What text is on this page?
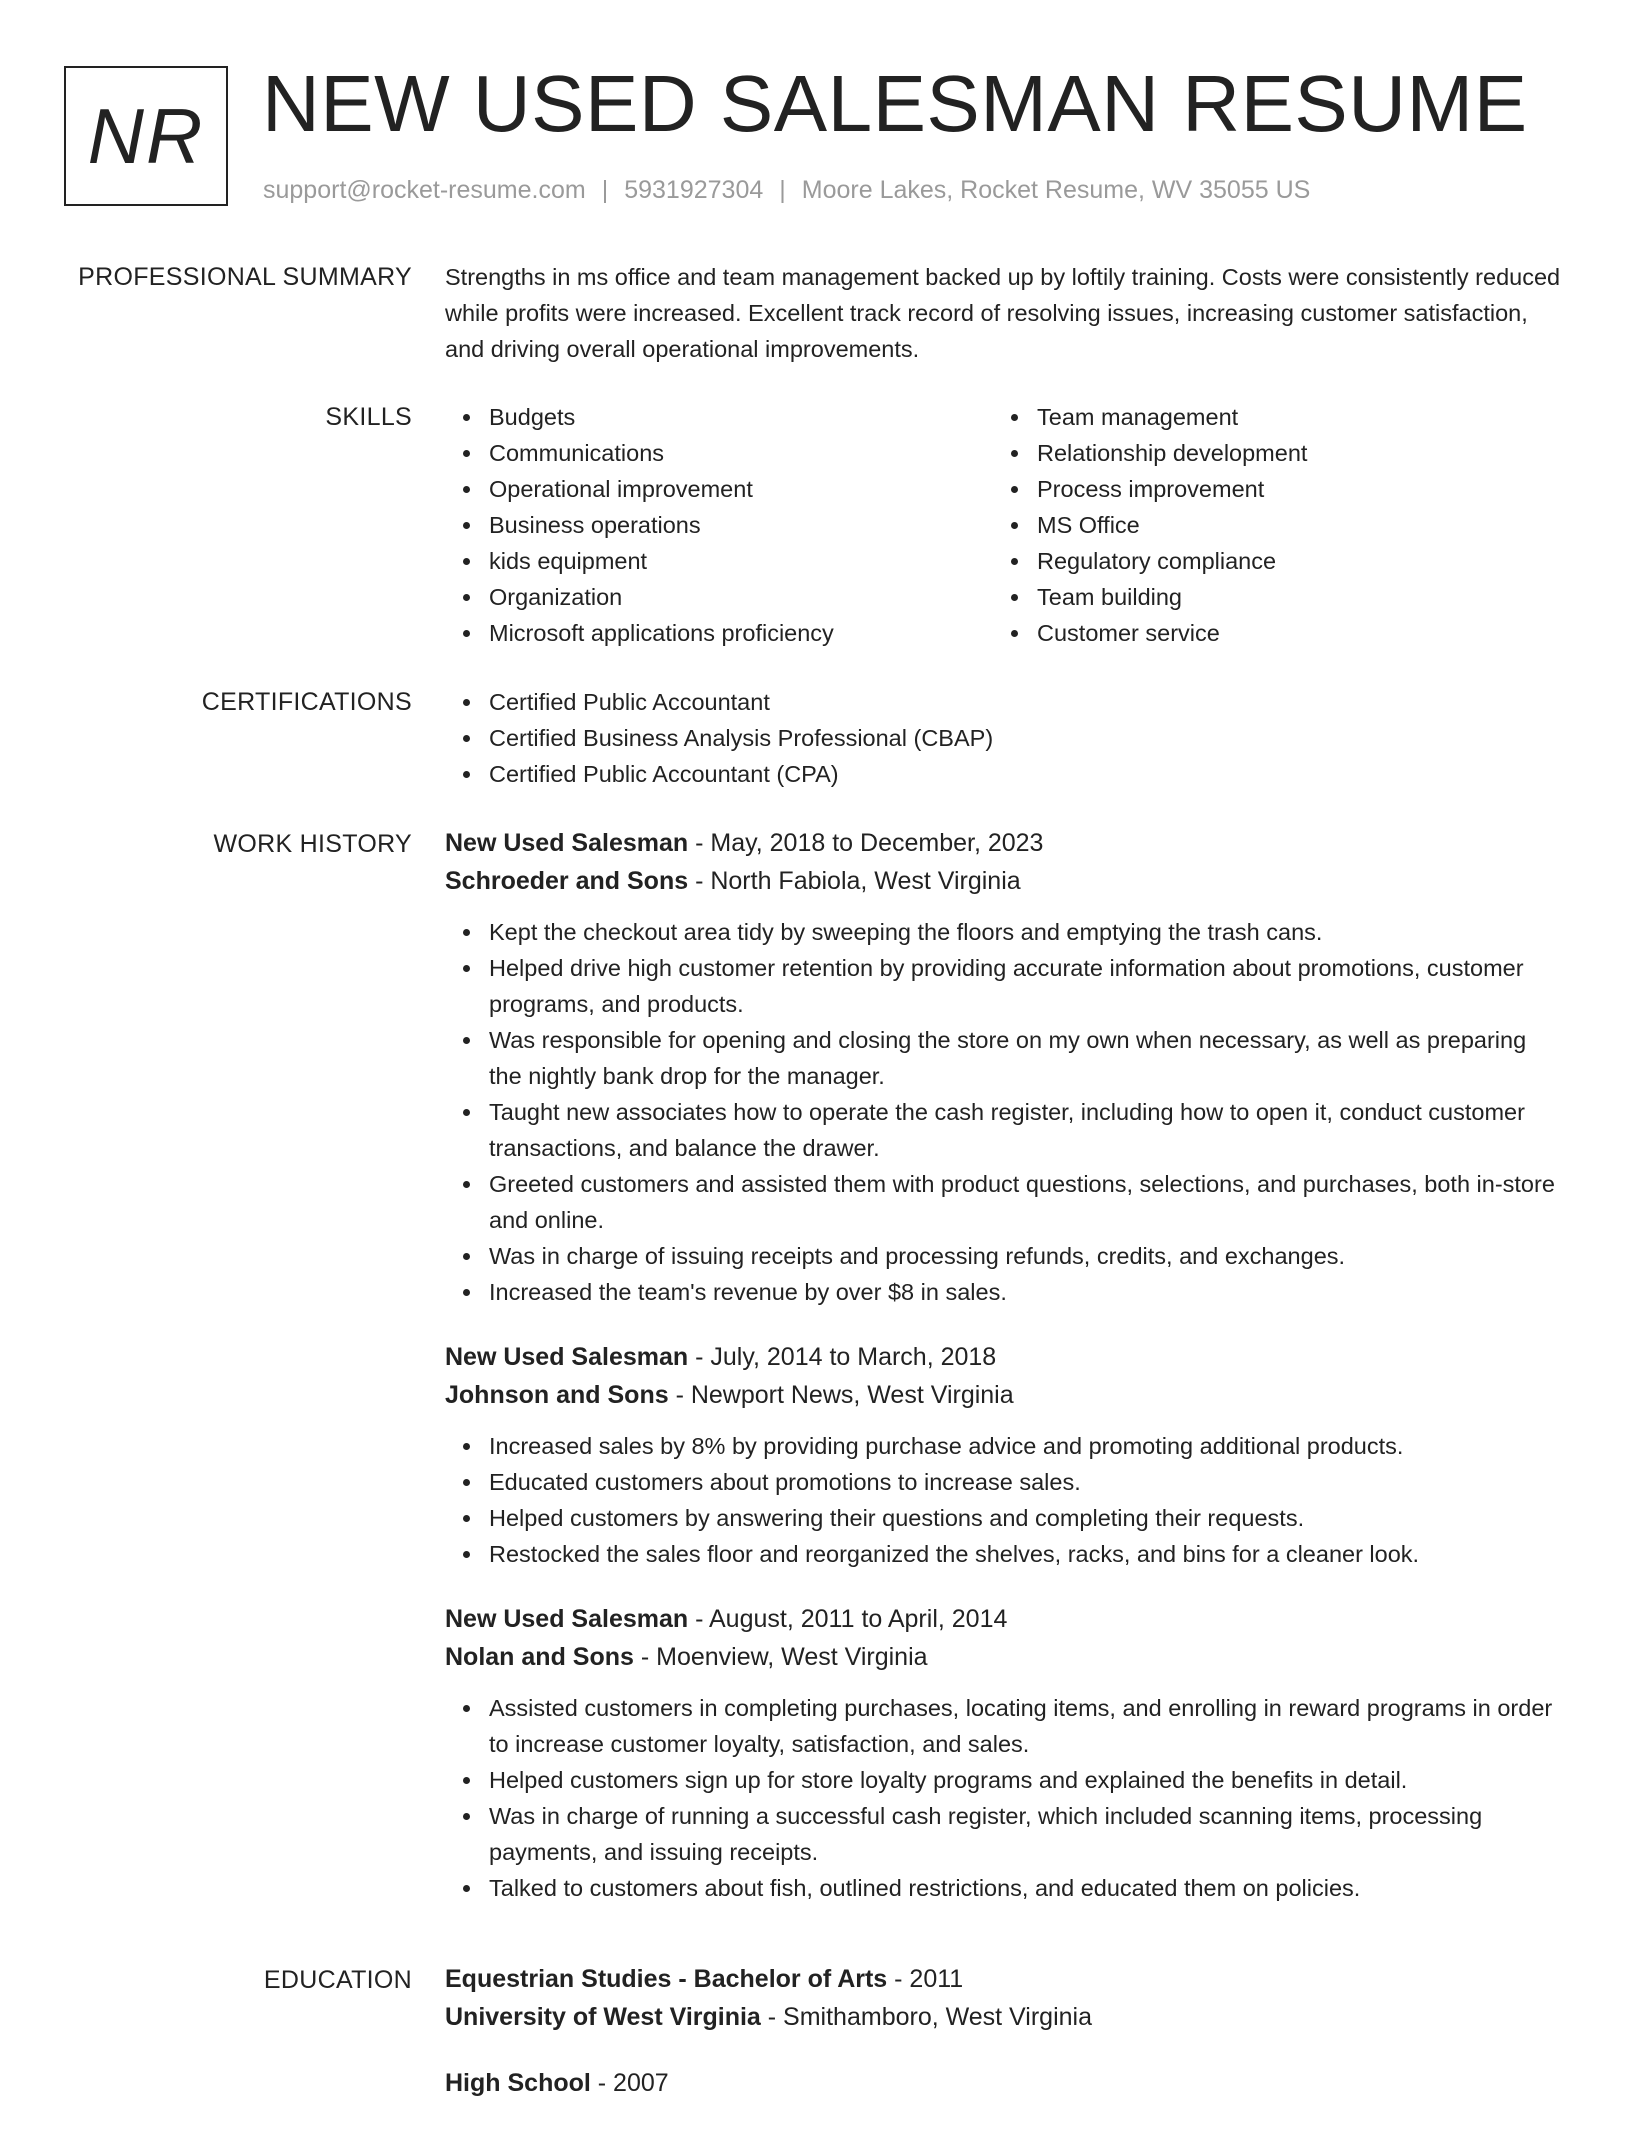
NR NEW USED SALESMAN RESUME
support@rocket-resume.com | 5931927304 | Moore Lakes, Rocket Resume, WV 35055 US
PROFESSIONAL SUMMARY Strengths in ms office and team management backed up by loftily training. Costs were consistently reduced while profits were increased. Excellent track record of resolving issues, increasing customer satisfaction, and driving overall operational improvements.
SKILLS	Budgets
Communications
Operational improvement
Business operations
kids equipment
Organization
Microsoft applications proficiency
Team management
Relationship development
Process improvement
MS Office
Regulatory compliance
Team building
Customer service
CERTIFICATIONS	Certified Public Accountant
Certified Business Analysis Professional (CBAP)
Certified Public Accountant (CPA)
WORK HISTORY New Used Salesman - May, 2018 to December, 2023
Schroeder and Sons - North Fabiola, West Virginia
Kept the checkout area tidy by sweeping the floors and emptying the trash cans.
Helped drive high customer retention by providing accurate information about promotions, customer programs, and products.
Was responsible for opening and closing the store on my own when necessary, as well as preparing the nightly bank drop for the manager.
Taught new associates how to operate the cash register, including how to open it, conduct customer transactions, and balance the drawer.
Greeted customers and assisted them with product questions, selections, and purchases, both in-store and online.
Was in charge of issuing receipts and processing refunds, credits, and exchanges.
Increased the team's revenue by over $8 in sales.
New Used Salesman - July, 2014 to March, 2018
Johnson and Sons - Newport News, West Virginia
Increased sales by 8% by providing purchase advice and promoting additional products.
Educated customers about promotions to increase sales.
Helped customers by answering their questions and completing their requests.
Restocked the sales floor and reorganized the shelves, racks, and bins for a cleaner look.
New Used Salesman - August, 2011 to April, 2014
Nolan and Sons - Moenview, West Virginia
Assisted customers in completing purchases, locating items, and enrolling in reward programs in order to increase customer loyalty, satisfaction, and sales.
Helped customers sign up for store loyalty programs and explained the benefits in detail.
Was in charge of running a successful cash register, which included scanning items, processing payments, and issuing receipts.
Talked to customers about fish, outlined restrictions, and educated them on policies.
EDUCATION Equestrian Studies - Bachelor of Arts - 2011
University of West Virginia - Smithamboro, West Virginia
High School - 2007
